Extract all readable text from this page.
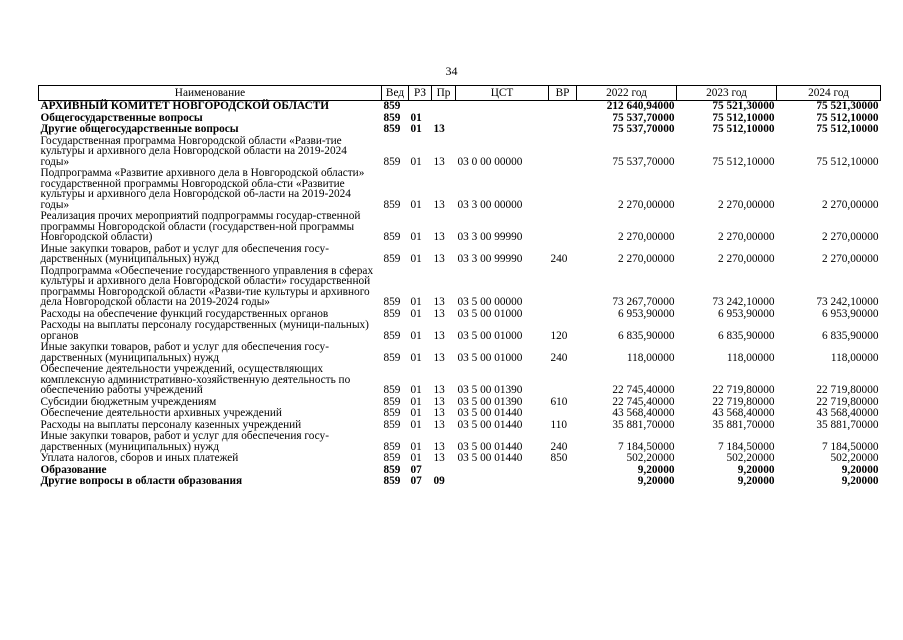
34
Наименование	Вед	РЗ	Пр	ЦСТ	ВР	2022 год	2023 год	2024 год
АРХИВНЫЙ КОМИТЕТ НОВГОРОДСКОЙ ОБЛАСТИ	859					212 640,94000	75 521,30000	75 521,30000
Общегосударственные вопросы	859	01				75 537,70000	75 512,10000	75 512,10000
Другие общегосударственные вопросы	859	01	13			75 537,70000	75 512,10000	75 512,10000
Государственная программа Новгородской области «Разви-тие культуры и архивного дела Новгородской области на 2019-2024 годы»	859	01	13	03 0 00 00000		75 537,70000	75 512,10000	75 512,10000
Подпрограмма «Развитие архивного дела в Новгородской области» государственной программы Новгородской обла-сти «Развитие культуры и архивного дела Новгородской об-ласти на 2019-2024 годы»	859	01	13	03 3 00 00000		2 270,00000	2 270,00000	2 270,00000
Реализация прочих мероприятий подпрограммы государ-ственной программы Новгородской области (государствен-ной программы Новгородской области)	859	01	13	03 3 00 99990		2 270,00000	2 270,00000	2 270,00000
Иные закупки товаров, работ и услуг для обеспечения госу-дарственных (муниципальных) нужд	859	01	13	03 3 00 99990	240	2 270,00000	2 270,00000	2 270,00000
Подпрограмма «Обеспечение государственного управления в сферах культуры и архивного дела Новгородской области» государственной программы Новгородской области «Разви-тие культуры и архивного дела Новгородской области на 2019-2024 годы»	859	01	13	03 5 00 00000		73 267,70000	73 242,10000	73 242,10000
Расходы на обеспечение функций государственных органов	859	01	13	03 5 00 01000		6 953,90000	6 953,90000	6 953,90000
Расходы на выплаты персоналу государственных (муници-пальных) органов	859	01	13	03 5 00 01000	120	6 835,90000	6 835,90000	6 835,90000
Иные закупки товаров, работ и услуг для обеспечения госу-дарственных (муниципальных) нужд	859	01	13	03 5 00 01000	240	118,00000	118,00000	118,00000
Обеспечение деятельности учреждений, осуществляющих комплексную административно-хозяйственную деятельность по обеспечению работы учреждений	859	01	13	03 5 00 01390		22 745,40000	22 719,80000	22 719,80000
Субсидии бюджетным учреждениям	859	01	13	03 5 00 01390	610	22 745,40000	22 719,80000	22 719,80000
Обеспечение деятельности архивных учреждений	859	01	13	03 5 00 01440		43 568,40000	43 568,40000	43 568,40000
Расходы на выплаты персоналу казенных учреждений	859	01	13	03 5 00 01440	110	35 881,70000	35 881,70000	35 881,70000
Иные закупки товаров, работ и услуг для обеспечения госу-дарственных (муниципальных) нужд	859	01	13	03 5 00 01440	240	7 184,50000	7 184,50000	7 184,50000
Уплата налогов, сборов и иных платежей	859	01	13	03 5 00 01440	850	502,20000	502,20000	502,20000
Образование	859	07				9,20000	9,20000	9,20000
Другие вопросы в области образования	859	07	09			9,20000	9,20000	9,20000
